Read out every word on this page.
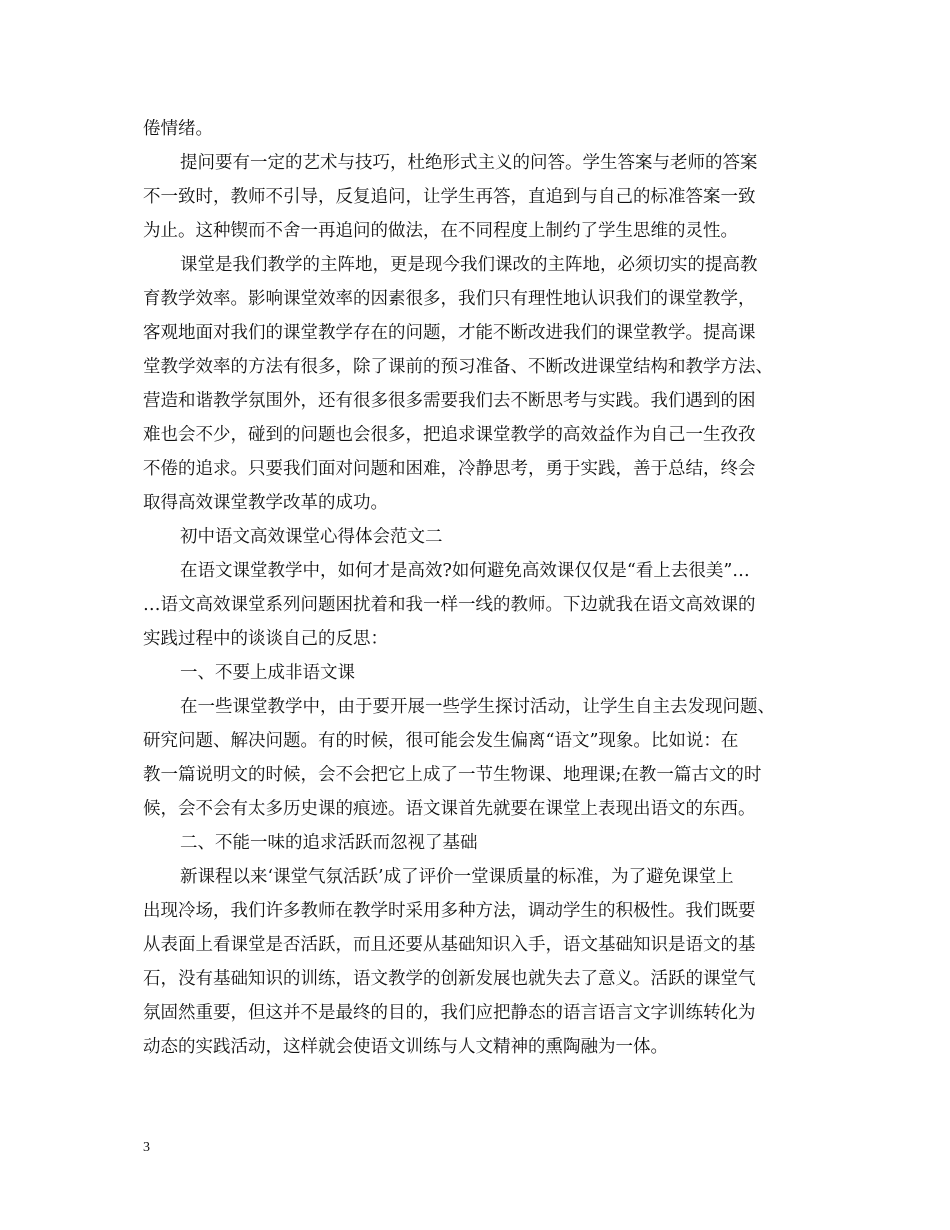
倦情绪。
提问要有一定的艺术与技巧，杜绝形式主义的问答。学生答案与老师的答案
不一致时，教师不引导，反复追问，让学生再答，直追到与自己的标准答案一致
为止。这种锲而不舍一再追问的做法，在不同程度上制约了学生思维的灵性。
课堂是我们教学的主阵地，更是现今我们课改的主阵地，必须切实的提高教
育教学效率。影响课堂效率的因素很多，我们只有理性地认识我们的课堂教学，
客观地面对我们的课堂教学存在的问题，才能不断改进我们的课堂教学。提高课
堂教学效率的方法有很多，除了课前的预习准备、不断改进课堂结构和教学方法、
营造和谐教学氛围外，还有很多很多需要我们去不断思考与实践。我们遇到的困
难也会不少，碰到的问题也会很多，把追求课堂教学的高效益作为自己一生孜孜
不倦的追求。只要我们面对问题和困难，冷静思考，勇于实践，善于总结，终会
取得高效课堂教学改革的成功。
初中语文高效课堂心得体会范文二
在语文课堂教学中，如何才是高效?如何避免高效课仅仅是“看上去很美”…
…语文高效课堂系列问题困扰着和我一样一线的教师。下边就我在语文高效课的
实践过程中的谈谈自己的反思：
一、不要上成非语文课
在一些课堂教学中，由于要开展一些学生探讨活动，让学生自主去发现问题、
研究问题、解决问题。有的时候，很可能会发生偏离“语文”现象。比如说：在
教一篇说明文的时候，会不会把它上成了一节生物课、地理课;在教一篇古文的时
候，会不会有太多历史课的痕迹。语文课首先就要在课堂上表现出语文的东西。
二、不能一味的追求活跃而忽视了基础
新课程以来‘课堂气氛活跃’成了评价一堂课质量的标准，为了避免课堂上
出现冷场，我们许多教师在教学时采用多种方法，调动学生的积极性。我们既要
从表面上看课堂是否活跃，而且还要从基础知识入手，语文基础知识是语文的基
石，没有基础知识的训练，语文教学的创新发展也就失去了意义。活跃的课堂气
氛固然重要，但这并不是最终的目的，我们应把静态的语言语言文字训练转化为
动态的实践活动，这样就会使语文训练与人文精神的熏陶融为一体。
3
